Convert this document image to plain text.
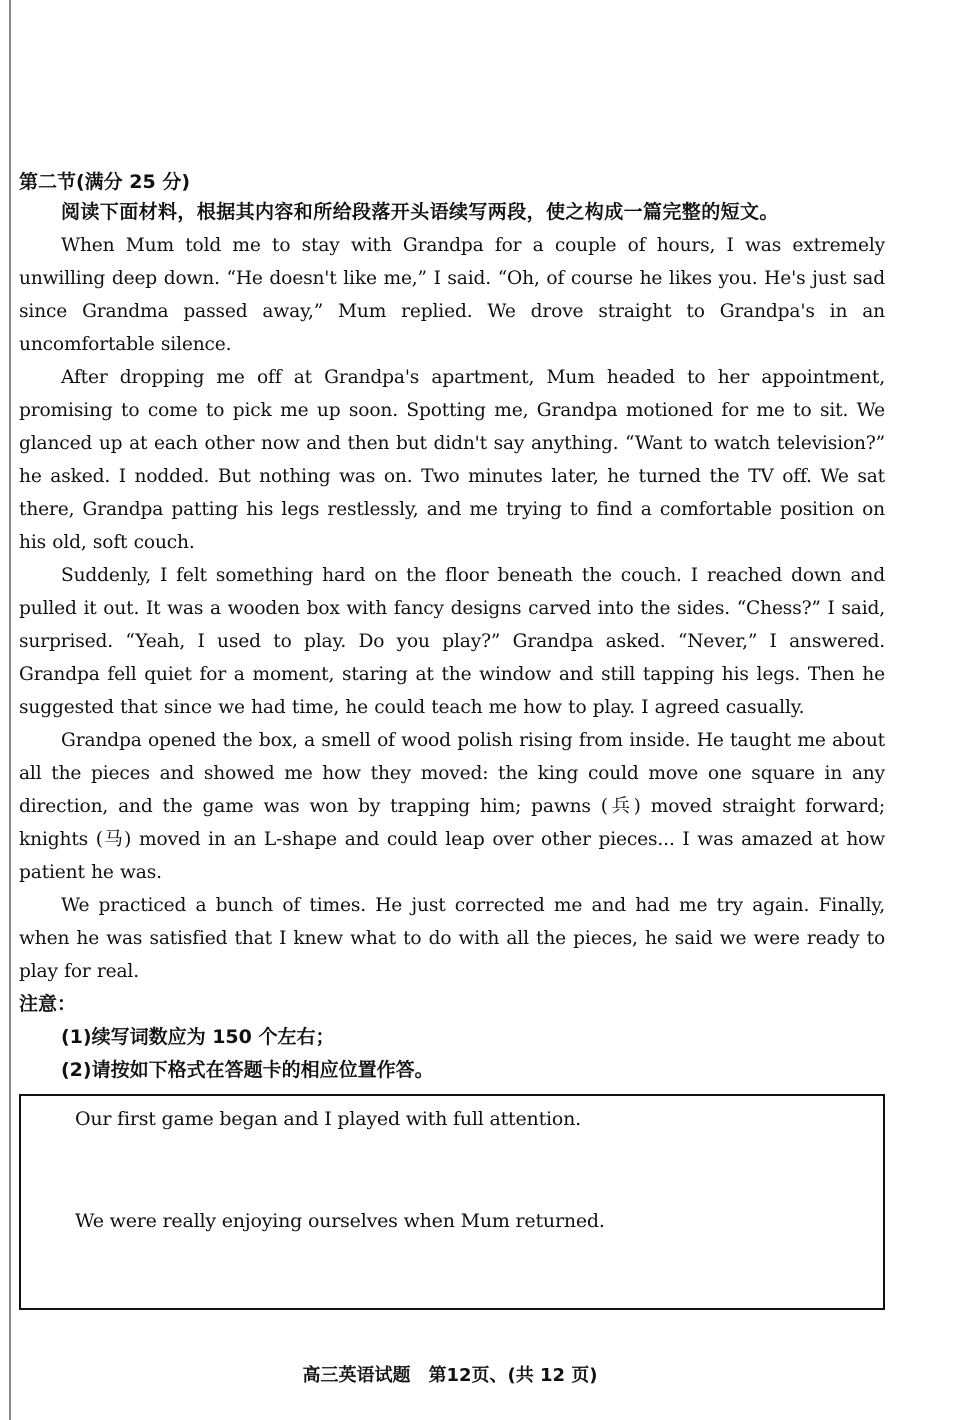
第二节(满分 25 分)
阅读下面材料，根据其内容和所给段落开头语续写两段，使之构成一篇完整的短文。

When Mum told me to stay with Grandpa for a couple of hours, I was extremely unwilling deep down. “He doesn't like me,” I said. “Oh, of course he likes you. He's just sad since Grandma passed away,” Mum replied. We drove straight to Grandpa's in an uncomfortable silence.

After dropping me off at Grandpa's apartment, Mum headed to her appointment, promising to come to pick me up soon. Spotting me, Grandpa motioned for me to sit. We glanced up at each other now and then but didn't say anything. “Want to watch television?” he asked. I nodded. But nothing was on. Two minutes later, he turned the TV off. We sat there, Grandpa patting his legs restlessly, and me trying to find a comfortable position on his old, soft couch.

Suddenly, I felt something hard on the floor beneath the couch. I reached down and pulled it out. It was a wooden box with fancy designs carved into the sides. “Chess?” I said, surprised. “Yeah, I used to play. Do you play?” Grandpa asked. “Never,” I answered. Grandpa fell quiet for a moment, staring at the window and still tapping his legs. Then he suggested that since we had time, he could teach me how to play. I agreed casually.

Grandpa opened the box, a smell of wood polish rising from inside. He taught me about all the pieces and showed me how they moved: the king could move one square in any direction, and the game was won by trapping him; pawns (兵) moved straight forward; knights (马) moved in an L-shape and could leap over other pieces... I was amazed at how patient he was.

We practiced a bunch of times. He just corrected me and had me try again. Finally, when he was satisfied that I knew what to do with all the pieces, he said we were ready to play for real.

注意：
(1)续写词数应为 150 个左右；
(2)请按如下格式在答题卡的相应位置作答。
Our first game began and I played with full attention.
We were really enjoying ourselves when Mum returned.
高三英语试题　第12页、(共 12 页)
